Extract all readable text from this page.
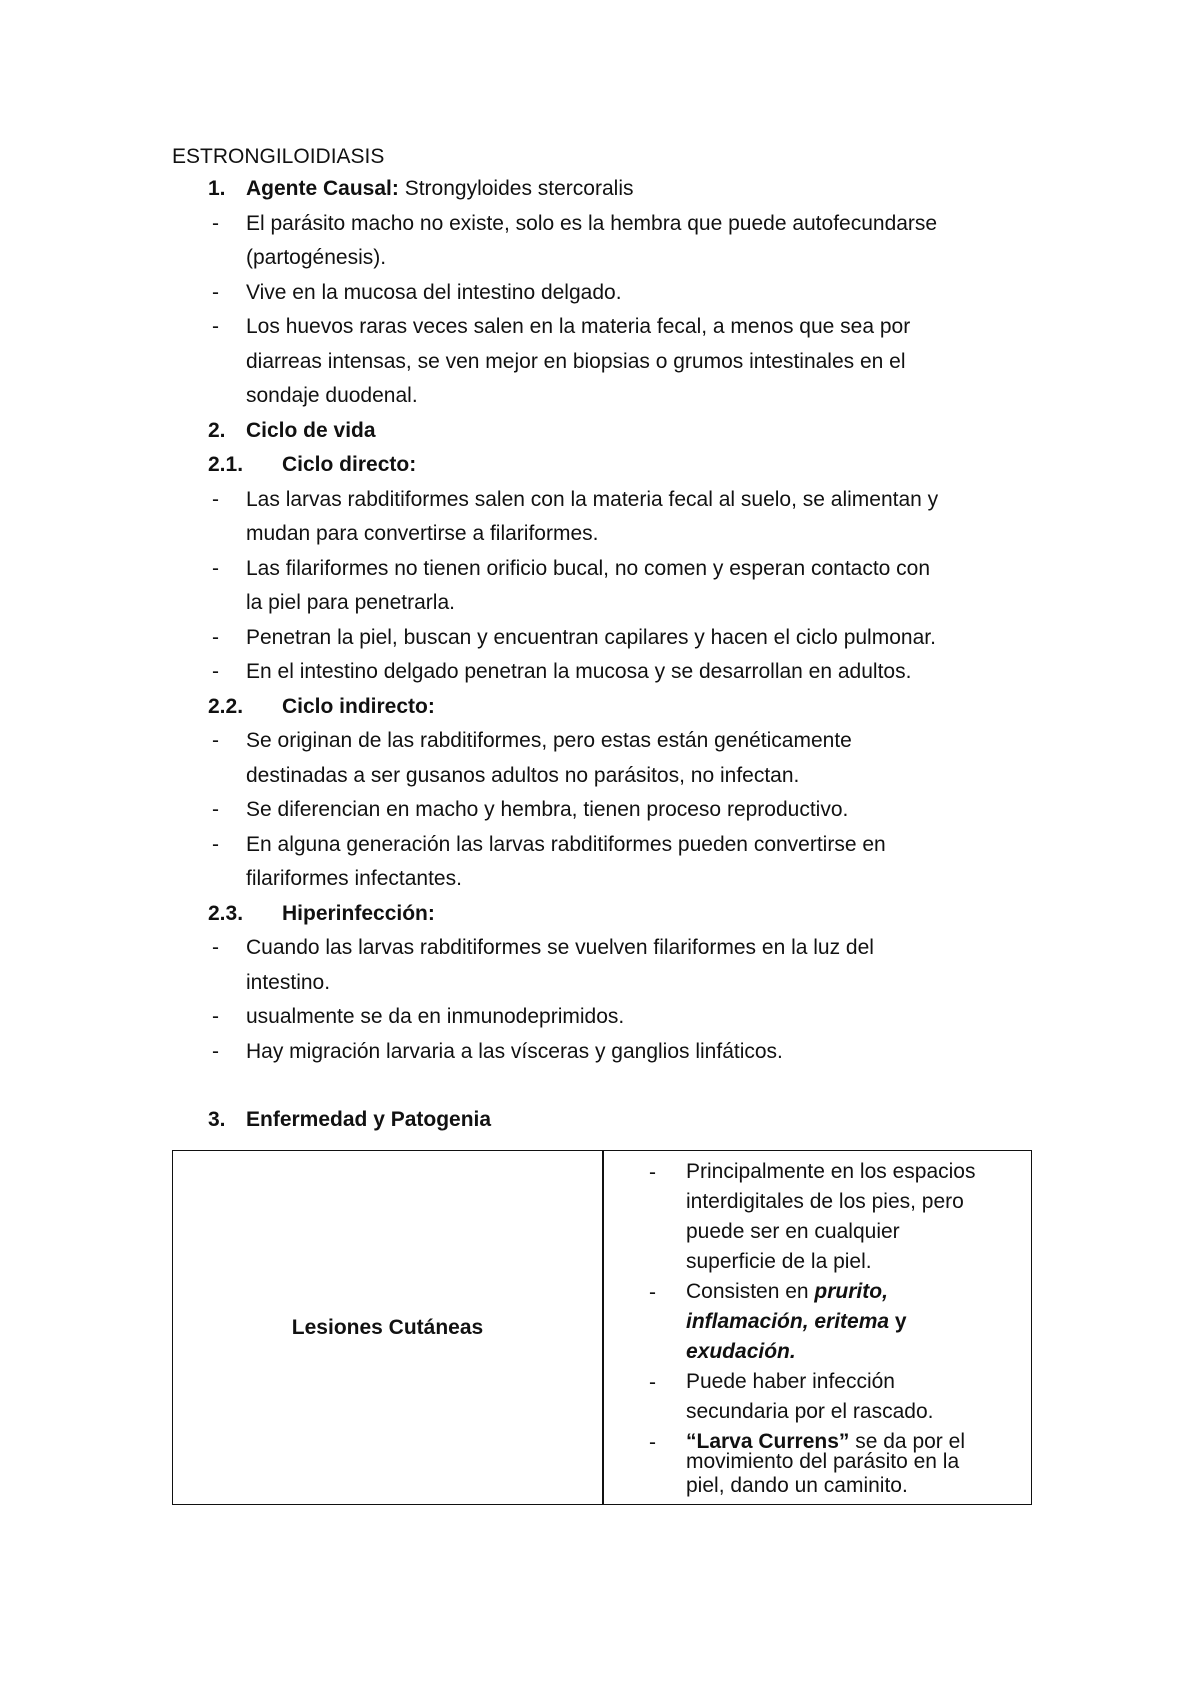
ESTRONGILOIDIASIS
1. Agente Causal: Strongyloides stercoralis
- El parásito macho no existe, solo es la hembra que puede autofecundarse
(partogénesis).
- Vive en la mucosa del intestino delgado.
- Los huevos raras veces salen en la materia fecal, a menos que sea por
diarreas intensas, se ven mejor en biopsias o grumos intestinales en el
sondaje duodenal.
2. Ciclo de vida
2.1. Ciclo directo:
- Las larvas rabditiformes salen con la materia fecal al suelo, se alimentan y
mudan para convertirse a filariformes.
- Las filariformes no tienen orificio bucal, no comen y esperan contacto con
la piel para penetrarla.
- Penetran la piel, buscan y encuentran capilares y hacen el ciclo pulmonar.
- En el intestino delgado penetran la mucosa y se desarrollan en adultos.
2.2. Ciclo indirecto:
- Se originan de las rabditiformes, pero estas están genéticamente
destinadas a ser gusanos adultos no parásitos, no infectan.
- Se diferencian en macho y hembra, tienen proceso reproductivo.
- En alguna generación las larvas rabditiformes pueden convertirse en
filariformes infectantes.
2.3. Hiperinfección:
- Cuando las larvas rabditiformes se vuelven filariformes en la luz del
intestino.
- usualmente se da en inmunodeprimidos.
- Hay migración larvaria a las vísceras y ganglios linfáticos.
3. Enfermedad y Patogenia
Lesiones Cutáneas
- Principalmente en los espacios
interdigitales de los pies, pero
puede ser en cualquier
superficie de la piel.
- Consisten en prurito,
inflamación, eritema y
exudación.
- Puede haber infección
secundaria por el rascado.
- “Larva Currens” se da por el
movimiento del parásito en la
piel, dando un caminito.
